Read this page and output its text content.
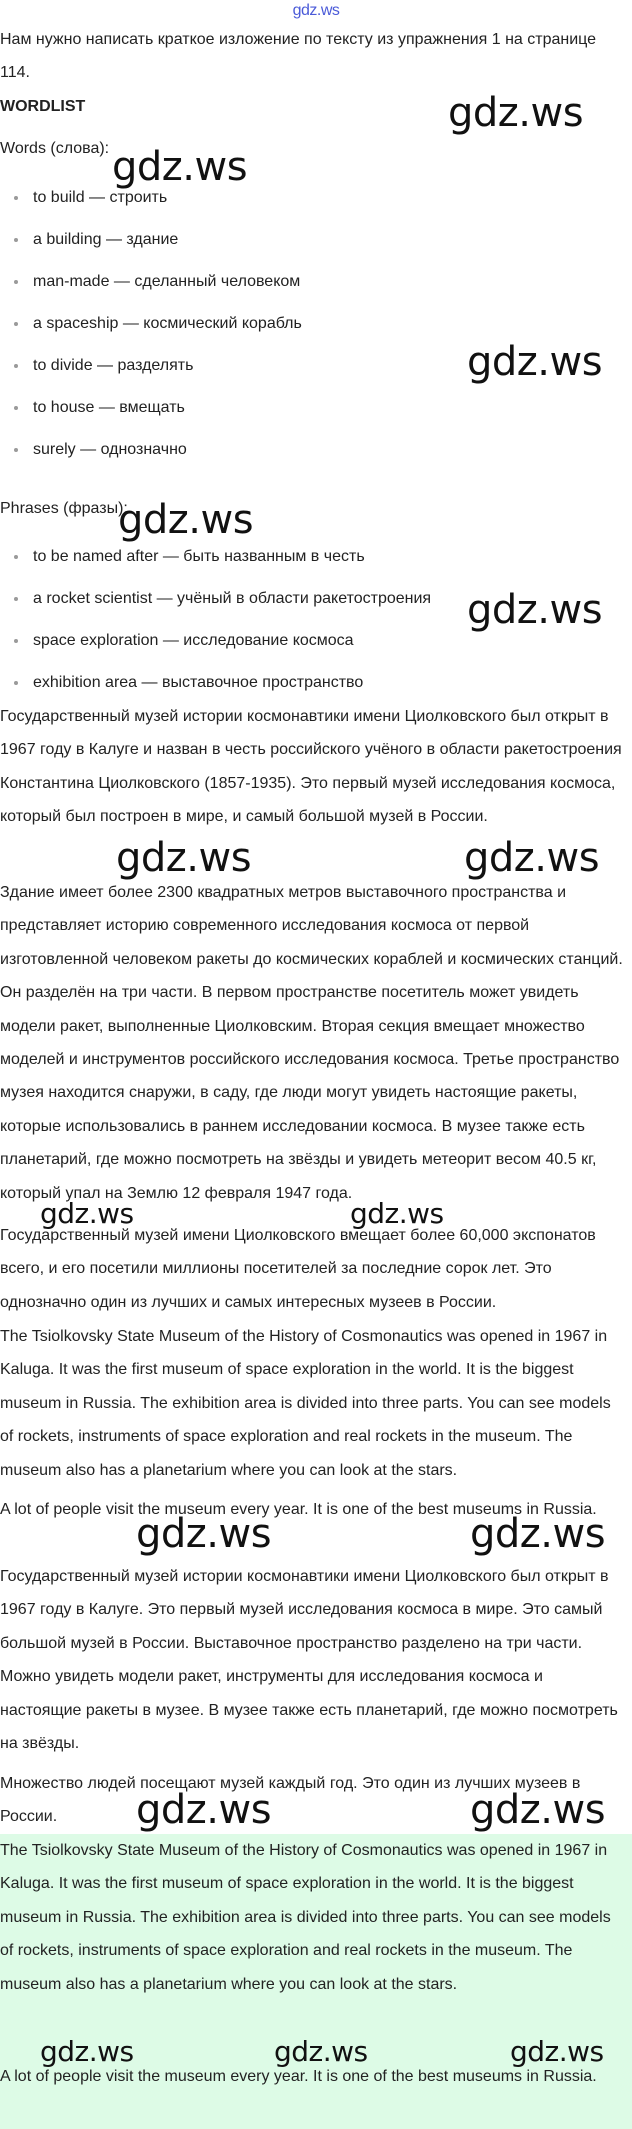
gdz.ws

Нам нужно написать краткое изложение по тексту из упражнения 1 на странице 114.

WORDLIST

Words (слова):

to build — строить
a building — здание
man-made — сделанный человеком
a spaceship — космический корабль
to divide — разделять
to house — вмещать
surely — однозначно

Phrases (фразы):

to be named after — быть названным в честь
a rocket scientist — учёный в области ракетостроения
space exploration — исследование космоса
exhibition area — выставочное пространство

Государственный музей истории космонавтики имени Циолковского был открыт в 1967 году в Калуге и назван в честь российского учёного в области ракетостроения Константина Циолковского (1857-1935). Это первый музей исследования космоса, который был построен в мире, и самый большой музей в России.

Здание имеет более 2300 квадратных метров выставочного пространства и представляет историю современного исследования космоса от первой изготовленной человеком ракеты до космических кораблей и космических станций. Он разделён на три части. В первом пространстве посетитель может увидеть модели ракет, выполненные Циолковским. Вторая секция вмещает множество моделей и инструментов российского исследования космоса. Третье пространство музея находится снаружи, в саду, где люди могут увидеть настоящие ракеты, которые использовались в раннем исследовании космоса. В музее также есть планетарий, где можно посмотреть на звёзды и увидеть метеорит весом 40.5 кг, который упал на Землю 12 февраля 1947 года.

Государственный музей имени Циолковского вмещает более 60,000 экспонатов всего, и его посетили миллионы посетителей за последние сорок лет. Это однозначно один из лучших и самых интересных музеев в России.

The Tsiolkovsky State Museum of the History of Cosmonautics was opened in 1967 in Kaluga. It was the first museum of space exploration in the world. It is the biggest museum in Russia. The exhibition area is divided into three parts. You can see models of rockets, instruments of space exploration and real rockets in the museum. The museum also has a planetarium where you can look at the stars.

A lot of people visit the museum every year. It is one of the best museums in Russia.

Государственный музей истории космонавтики имени Циолковского был открыт в 1967 году в Калуге. Это первый музей исследования космоса в мире. Это самый большой музей в России. Выставочное пространство разделено на три части. Можно увидеть модели ракет, инструменты для исследования космоса и настоящие ракеты в музее. В музее также есть планетарий, где можно посмотреть на звёзды.

Множество людей посещают музей каждый год. Это один из лучших музеев в России.

The Tsiolkovsky State Museum of the History of Cosmonautics was opened in 1967 in Kaluga. It was the first museum of space exploration in the world. It is the biggest museum in Russia. The exhibition area is divided into three parts. You can see models of rockets, instruments of space exploration and real rockets in the museum. The museum also has a planetarium where you can look at the stars.

A lot of people visit the museum every year. It is one of the best museums in Russia.

gdz.ws
gdz.ws
gdz.ws
gdz.ws
gdz.ws
gdz.ws	gdz.ws
gdz.ws	gdz.ws
gdz.ws	gdz.ws
gdz.ws	gdz.ws
gdz.ws	gdz.ws	gdz.ws
